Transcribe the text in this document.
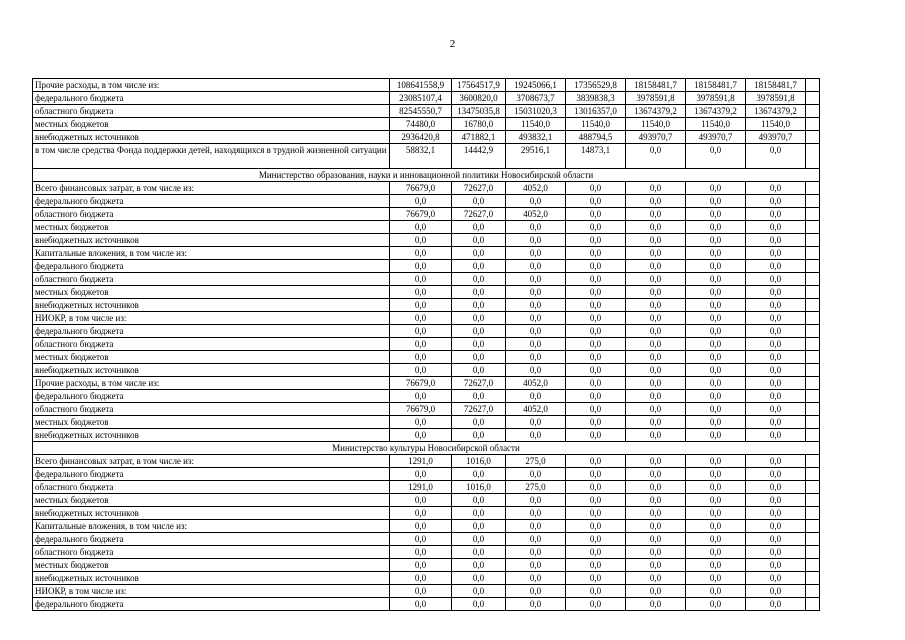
2
Прочие расходы, в том числе из:	108641558,9	17564517,9	19245066,1	17356529,8	18158481,7	18158481,7	18158481,7	
федерального бюджета	23085107,4	3600820,0	3708673,7	3839838,3	3978591,8	3978591,8	3978591,8	
областного бюджета	82545550,7	13475035,8	15031020,3	13016357,0	13674379,2	13674379,2	13674379,2	
местных бюджетов	74480,0	16780,0	11540,0	11540,0	11540,0	11540,0	11540,0	
внебюджетных источников	2936420,8	471882,1	493832,1	488794,5	493970,7	493970,7	493970,7	
в том числе средства Фонда поддержки детей, находящихся в трудной жизненной ситуации	58832,1	14442,9	29516,1	14873,1	0,0	0,0	0,0	
Министерство образования, науки и инновационной политики Новосибирской области								
Всего финансовых затрат, в том числе из:	76679,0	72627,0	4052,0	0,0	0,0	0,0	0,0	
федерального бюджета	0,0	0,0	0,0	0,0	0,0	0,0	0,0	
областного бюджета	76679,0	72627,0	4052,0	0,0	0,0	0,0	0,0	
местных бюджетов	0,0	0,0	0,0	0,0	0,0	0,0	0,0	
внебюджетных источников	0,0	0,0	0,0	0,0	0,0	0,0	0,0	
Капитальные вложения, в том числе из:	0,0	0,0	0,0	0,0	0,0	0,0	0,0	
федерального бюджета	0,0	0,0	0,0	0,0	0,0	0,0	0,0	
областного бюджета	0,0	0,0	0,0	0,0	0,0	0,0	0,0	
местных бюджетов	0,0	0,0	0,0	0,0	0,0	0,0	0,0	
внебюджетных источников	0,0	0,0	0,0	0,0	0,0	0,0	0,0	
НИОКР, в том числе из:	0,0	0,0	0,0	0,0	0,0	0,0	0,0	
федерального бюджета	0,0	0,0	0,0	0,0	0,0	0,0	0,0	
областного бюджета	0,0	0,0	0,0	0,0	0,0	0,0	0,0	
местных бюджетов	0,0	0,0	0,0	0,0	0,0	0,0	0,0	
внебюджетных источников	0,0	0,0	0,0	0,0	0,0	0,0	0,0	
Прочие расходы, в том числе из:	76679,0	72627,0	4052,0	0,0	0,0	0,0	0,0	
федерального бюджета	0,0	0,0	0,0	0,0	0,0	0,0	0,0	
областного бюджета	76679,0	72627,0	4052,0	0,0	0,0	0,0	0,0	
местных бюджетов	0,0	0,0	0,0	0,0	0,0	0,0	0,0	
внебюджетных источников	0,0	0,0	0,0	0,0	0,0	0,0	0,0	
Министерство культуры Новосибирской области								
Всего финансовых затрат, в том числе из:	1291,0	1016,0	275,0	0,0	0,0	0,0	0,0	
федерального бюджета	0,0	0,0	0,0	0,0	0,0	0,0	0,0	
областного бюджета	1291,0	1016,0	275,0	0,0	0,0	0,0	0,0	
местных бюджетов	0,0	0,0	0,0	0,0	0,0	0,0	0,0	
внебюджетных источников	0,0	0,0	0,0	0,0	0,0	0,0	0,0	
Капитальные вложения, в том числе из:	0,0	0,0	0,0	0,0	0,0	0,0	0,0	
федерального бюджета	0,0	0,0	0,0	0,0	0,0	0,0	0,0	
областного бюджета	0,0	0,0	0,0	0,0	0,0	0,0	0,0	
местных бюджетов	0,0	0,0	0,0	0,0	0,0	0,0	0,0	
внебюджетных источников	0,0	0,0	0,0	0,0	0,0	0,0	0,0	
НИОКР, в том числе из:	0,0	0,0	0,0	0,0	0,0	0,0	0,0	
федерального бюджета	0,0	0,0	0,0	0,0	0,0	0,0	0,0	
